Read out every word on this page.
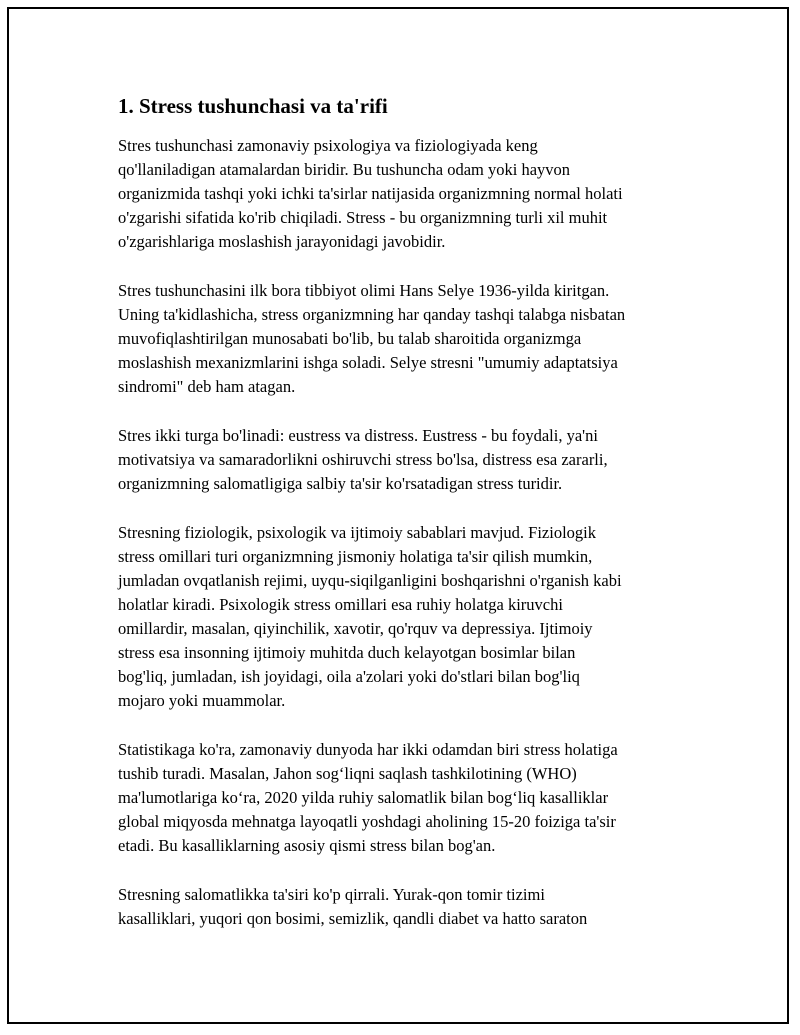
1. Stress tushunchasi va ta'rifi

Stres tushunchasi zamonaviy psixologiya va fiziologiyada keng
qo'llaniladigan atamalardan biridir. Bu tushuncha odam yoki hayvon
organizmida tashqi yoki ichki ta'sirlar natijasida organizmning normal holati
o'zgarishi sifatida ko'rib chiqiladi. Stress - bu organizmning turli xil muhit
o'zgarishlariga moslashish jarayonidagi javobidir.

Stres tushunchasini ilk bora tibbiyot olimi Hans Selye 1936-yilda kiritgan.
Uning ta'kidlashicha, stress organizmning har qanday tashqi talabga nisbatan
muvofiqlashtirilgan munosabati bo'lib, bu talab sharoitida organizmga
moslashish mexanizmlarini ishga soladi. Selye stresni "umumiy adaptatsiya
sindromi" deb ham atagan.

Stres ikki turga bo'linadi: eustress va distress. Eustress - bu foydali, ya'ni
motivatsiya va samaradorlikni oshiruvchi stress bo'lsa, distress esa zararli,
organizmning salomatligiga salbiy ta'sir ko'rsatadigan stress turidir.

Stresning fiziologik, psixologik va ijtimoiy sabablari mavjud. Fiziologik
stress omillari turi organizmning jismoniy holatiga ta'sir qilish mumkin,
jumladan ovqatlanish rejimi, uyqu-siqilganligini boshqarishni o'rganish kabi
holatlar kiradi. Psixologik stress omillari esa ruhiy holatga kiruvchi
omillardir, masalan, qiyinchilik, xavotir, qo'rquv va depressiya. Ijtimoiy
stress esa insonning ijtimoiy muhitda duch kelayotgan bosimlar bilan
bog'liq, jumladan, ish joyidagi, oila a'zolari yoki do'stlari bilan bog'liq
mojaro yoki muammolar.

Statistikaga ko'ra, zamonaviy dunyoda har ikki odamdan biri stress holatiga
tushib turadi. Masalan, Jahon sog‘liqni saqlash tashkilotining (WHO)
ma'lumotlariga ko‘ra, 2020 yilda ruhiy salomatlik bilan bog‘liq kasalliklar
global miqyosda mehnatga layoqatli yoshdagi aholining 15-20 foiziga ta'sir
etadi. Bu kasalliklarning asosiy qismi stress bilan bog'an.

Stresning salomatlikka ta'siri ko'p qirrali. Yurak-qon tomir tizimi
kasalliklari, yuqori qon bosimi, semizlik, qandli diabet va hatto saraton
